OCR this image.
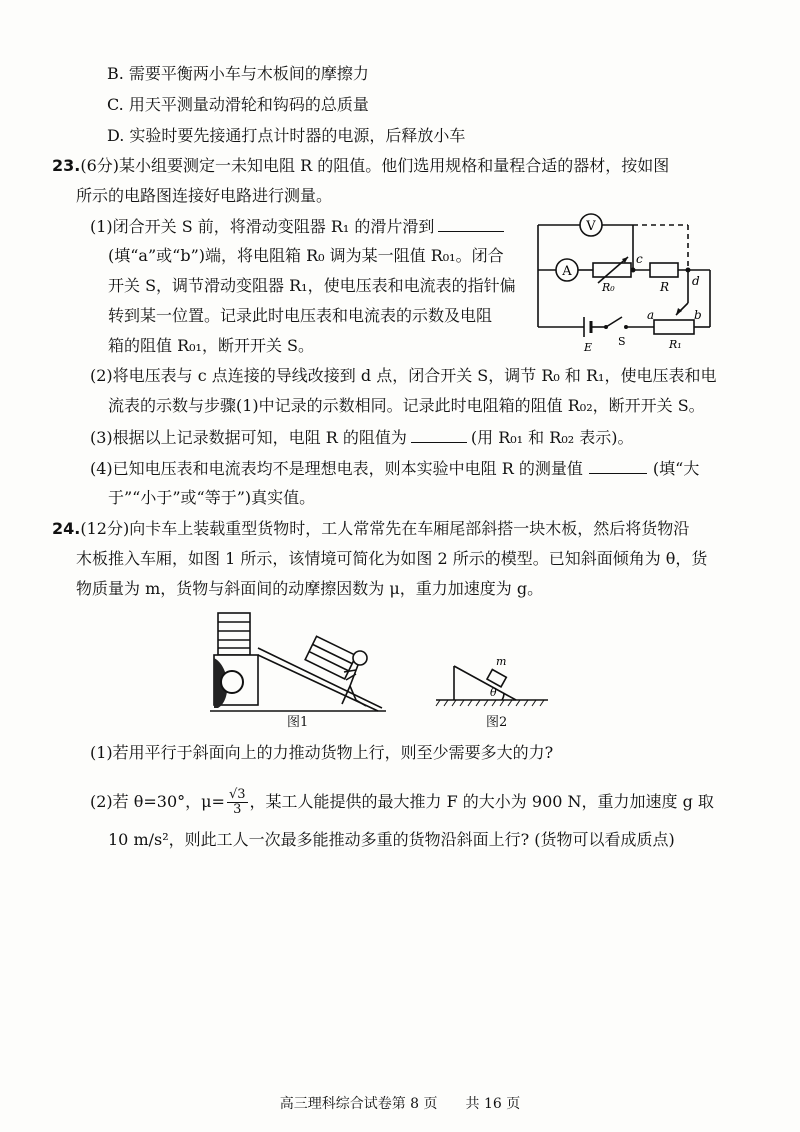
B. 需要平衡两小车与木板间的摩擦力
C. 用天平测量动滑轮和钩码的总质量
D. 实验时要先接通打点计时器的电源，后释放小车
23.(6分)某小组要测定一未知电阻 R 的阻值。他们选用规格和量程合适的器材，按如图
所示的电路图连接好电路进行测量。
(1)闭合开关 S 前，将滑动变阻器 R₁ 的滑片滑到
(填“a”或“b”)端，将电阻箱 R₀ 调为某一阻值 R₀₁。闭合
开关 S，调节滑动变阻器 R₁，使电压表和电流表的指针偏
转到某一位置。记录此时电压表和电流表的示数及电阻
箱的阻值 R₀₁，断开开关 S。
V
A
R₀	R
c
d
a	b
R₁
E S
(2)将电压表与 c 点连接的导线改接到 d 点，闭合开关 S，调节 R₀ 和 R₁，使电压表和电
流表的示数与步骤(1)中记录的示数相同。记录此时电阻箱的阻值 R₀₂，断开开关 S。
(3)根据以上记录数据可知，电阻 R 的阻值为	(用 R₀₁ 和 R₀₂ 表示)。
(4)已知电压表和电流表均不是理想电表，则本实验中电阻 R 的测量值	(填“大
于”“小于”或“等于”)真实值。
24.(12分)向卡车上装载重型货物时，工人常常先在车厢尾部斜搭一块木板，然后将货物沿
木板推入车厢，如图 1 所示，该情境可简化为如图 2 所示的模型。已知斜面倾角为 θ，货
物质量为 m，货物与斜面间的动摩擦因数为 μ，重力加速度为 g。
图1
m
θ
图2
(1)若用平行于斜面向上的力推动货物上行，则至少需要多大的力?
(2)若 θ=30°，$\mu= \frac{√3}{3}$ ，某工人能提供的最大推力 F 的大小为 900 N，重力加速度 g 取
10 m/s²，则此工人一次最多能推动多重的货物沿斜面上行? (货物可以看成质点)
高三理科综合试卷第 8 页　　共 16 页
